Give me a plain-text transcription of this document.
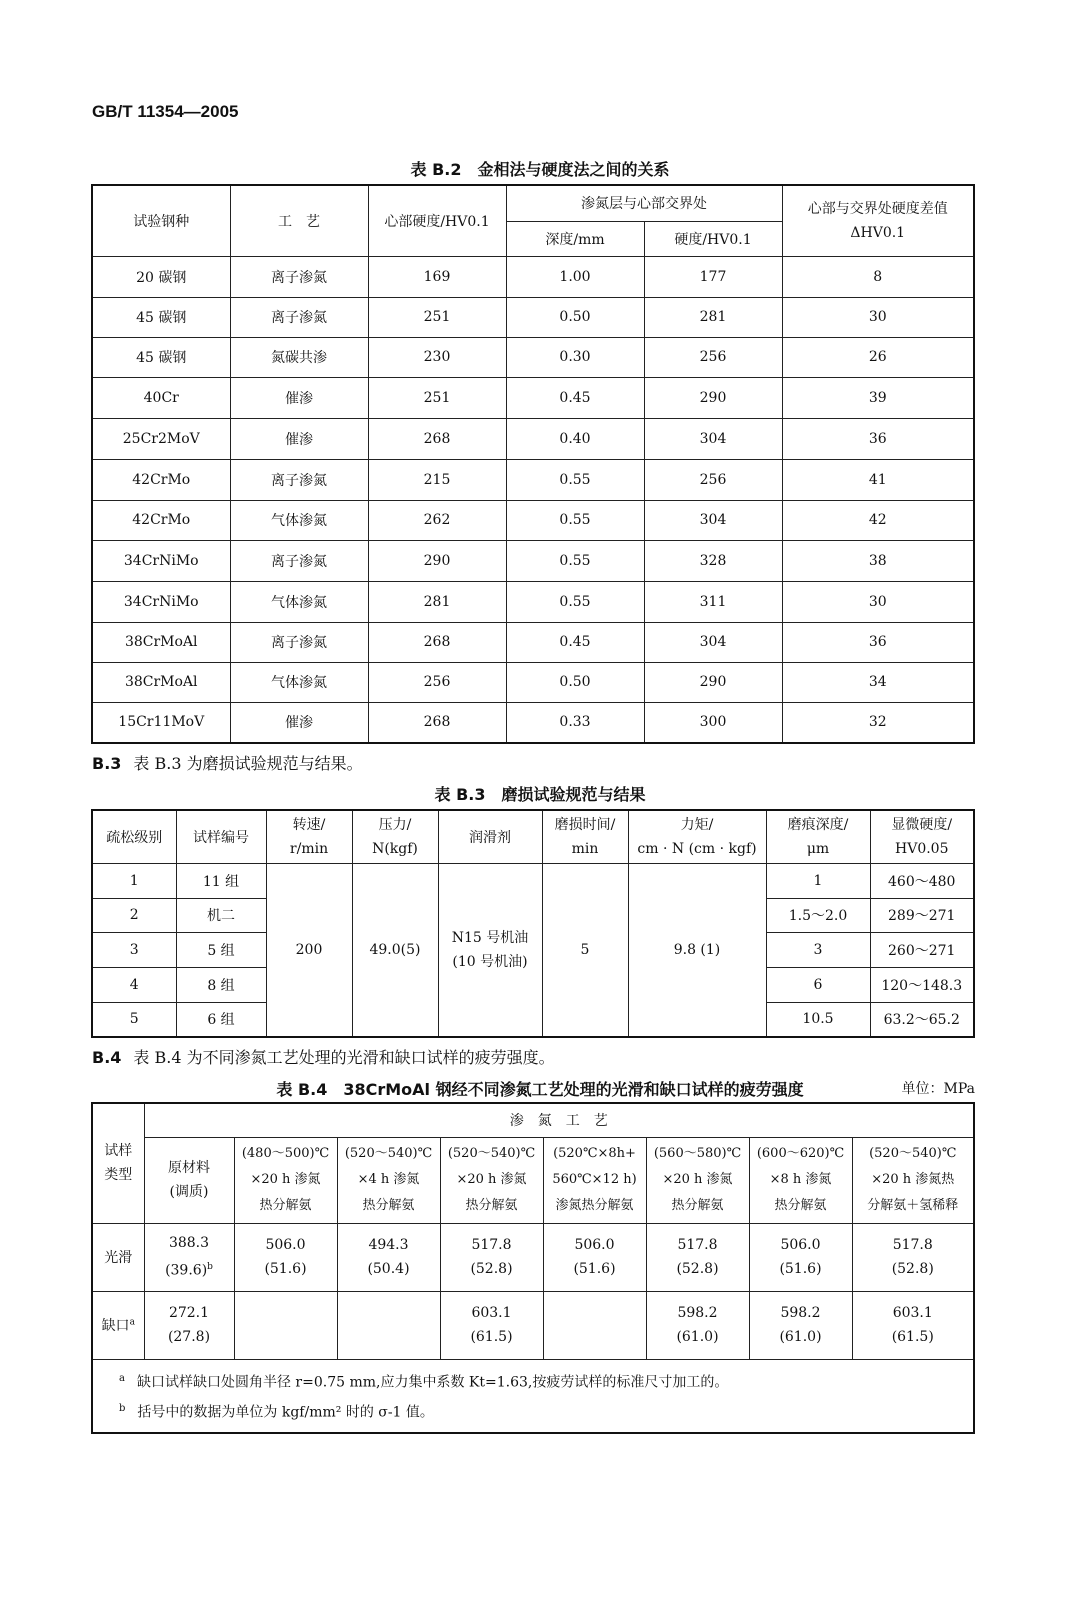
GB/T 11354—2005
表 B.2　金相法与硬度法之间的关系
试验钢种	工　艺	心部硬度/HV0.1	渗氮层与心部交界处		心部与交界处硬度差值
ΔHV0.1
			深度/mm	硬度/HV0.1	
20 碳钢	离子渗氮	169	1.00	177	8
45 碳钢	离子渗氮	251	0.50	281	30
45 碳钢	氮碳共渗	230	0.30	256	26
40Cr	催渗	251	0.45	290	39
25Cr2MoV	催渗	268	0.40	304	36
42CrMo	离子渗氮	215	0.55	256	41
42CrMo	气体渗氮	262	0.55	304	42
34CrNiMo	离子渗氮	290	0.55	328	38
34CrNiMo	气体渗氮	281	0.55	311	30
38CrMoAl	离子渗氮	268	0.45	304	36
38CrMoAl	气体渗氮	256	0.50	290	34
15Cr11MoV	催渗	268	0.33	300	32
B.3 表 B.3 为磨损试验规范与结果。
表 B.3　磨损试验规范与结果
疏松级别	试样编号	转速/
r/min	压力/
N(kgf)	润滑剂	磨损时间/
min	力矩/
cm · N (cm · kgf)	磨痕深度/
μm	显微硬度/
HV0.05
1	11 组	200	49.0(5)	N15 号机油
(10 号机油)	5	9.8 (1)	1	460～480
2	机二						1.5～2.0	289～271
3	5 组						3	260～271
4	8 组						6	120～148.3
5	6 组						10.5	63.2～65.2
B.4 表 B.4 为不同渗氮工艺处理的光滑和缺口试样的疲劳强度。
表 B.4　38CrMoAl 钢经不同渗氮工艺处理的光滑和缺口试样的疲劳强度	单位：MPa
试样
类型	渗　氮　工　艺							
	原材料
(调质)	(480～500)℃
×20 h 渗氮
热分解氨	(520～540)℃
×4 h 渗氮
热分解氨	(520～540)℃
×20 h 渗氮
热分解氨	(520℃×8h+
560℃×12 h)
渗氮热分解氨	(560～580)℃
×20 h 渗氮
热分解氨	(600～620)℃
×8 h 渗氮
热分解氨	(520～540)℃
×20 h 渗氮热
分解氨＋氢稀释
光滑	388.3
$(39.6)^b$	506.0
(51.6)	494.3
(50.4)	517.8
(52.8)	506.0
(51.6)	517.8
(52.8)	506.0
(51.6)	517.8
(52.8)
缺口$^a$	272.1
(27.8)			603.1
(61.5)		598.2
(61.0)	598.2
(61.0)	603.1
(61.5)

$^a$ 缺口试样缺口处圆角半径 r=0.75 mm,应力集中系数 Kt=1.63,按疲劳试样的标准尺寸加工的。
$^b$ 括号中的数据为单位为 kgf/mm² 时的 σ-1 值。								
